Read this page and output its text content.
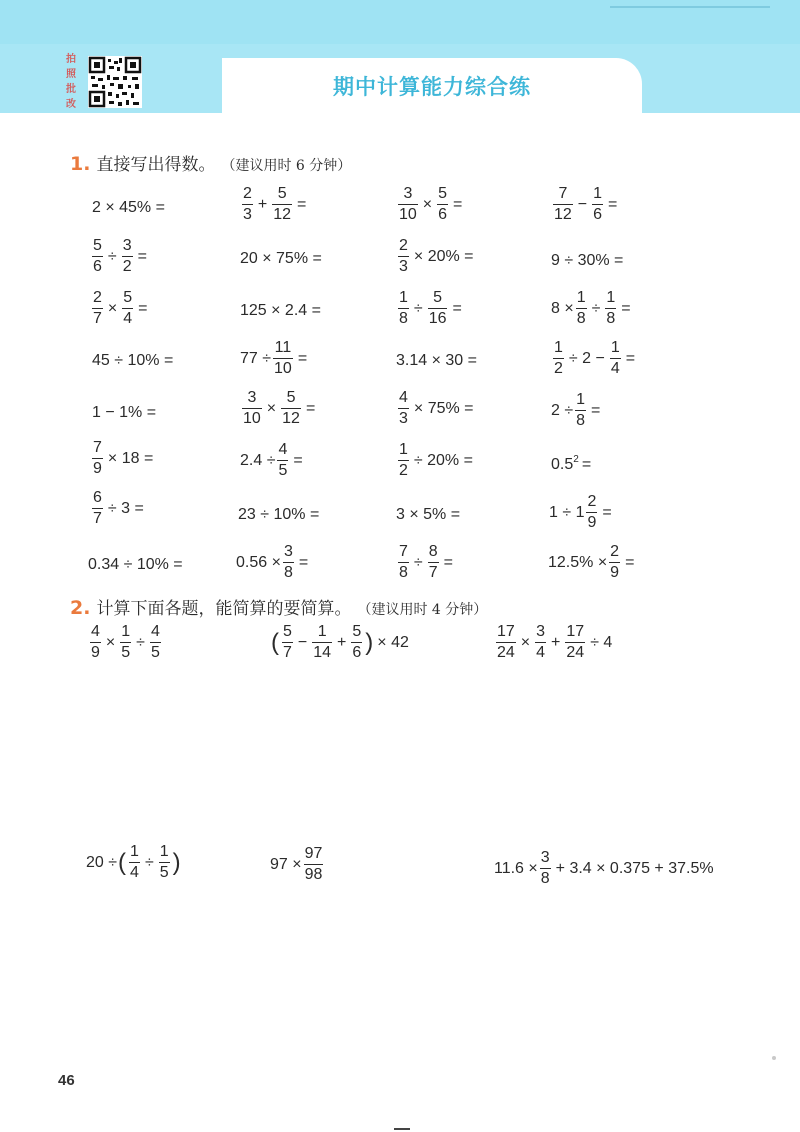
期中计算能力综合练
拍
照
批
改
1. 直接写出得数。 （建议用时 6 分钟）
2 × 45% =	$\frac{2}{3} + \frac{5}{12}$ =	$\frac{3}{10} \times \frac{5}{6}$ =	$\frac{7}{12} - \frac{1}{6}$ =
$\frac{5}{6} \div \frac{3}{2}$ =	20 × 75% =	$\frac{2}{3} \times 20\%$ =	9 ÷ 30% =
$\frac{2}{7} \times \frac{5}{4}$ =	125 × 2.4 =	$\frac{1}{8} \div \frac{5}{16}$ =	$8 \times \frac{1}{8} \div \frac{1}{8}$ =
45 ÷ 10% =	$77 \div \frac{11}{10}$ =	3.14 × 30 =	$\frac{1}{2} \div 2 - \frac{1}{4}$ =
1 − 1% =	$\frac{3}{10} \times \frac{5}{12}$ =	$\frac{4}{3} \times 75\%$ =	$2 \div \frac{1}{8}$ =
$\frac{7}{9} \times 18$ =	$2.4 \div \frac{4}{5}$ =	$\frac{1}{2} \div 20\%$ =	$0.5^2$ =
$\frac{6}{7} \div 3$ =	23 ÷ 10% =	3 × 5% =	$1 \div 1 \frac{2}{9}$ =
0.34 ÷ 10% =	$0.56 \times \frac{3}{8}$ =	$\frac{7}{8} \div \frac{8}{7}$ =	$12.5\% \times \frac{2}{9}$ =
2. 计算下面各题，能简算的要简算。 （建议用时 4 分钟）
$\frac{4}{9} \times \frac{1}{5} \div \frac{4}{5}$	( $\frac{5}{7} - \frac{1}{14} + \frac{5}{6}$ ) × 42	$\frac{17}{24} \times \frac{3}{4} + \frac{17}{24} \div 4$
20 ÷ ( $\frac{1}{4} \div \frac{1}{5}$ )	$97 \times \frac{97}{98}$	$11.6 \times \frac{3}{8} + 3.4 \times 0.375 + 37.5\%$
46
